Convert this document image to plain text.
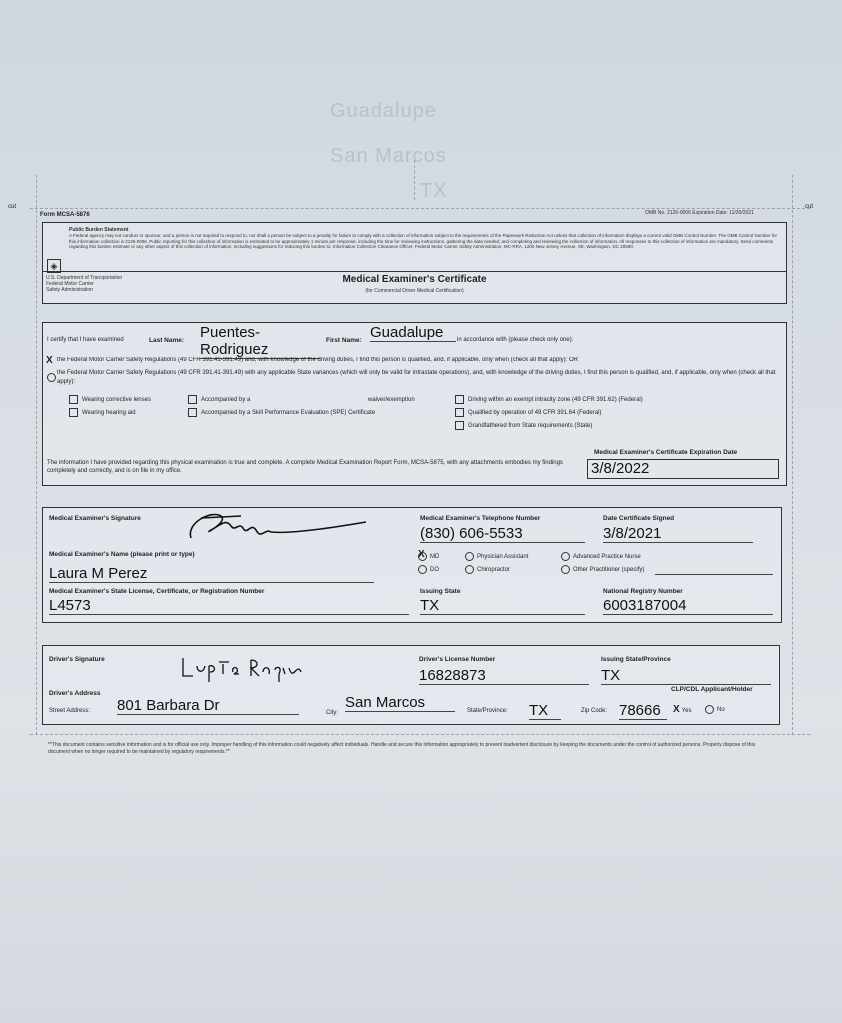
Guadalupe
San Marcos
TX
cut
cut
Form MCSA-5876	OMB No. 2126-0006 Expiration Date: 11/30/2021
Public Burden Statement
A Federal agency may not conduct or sponsor, and a person is not required to respond to, nor shall a person be subject to a penalty for failure to comply with a collection of information subject to the requirements of the Paperwork Reduction Act unless that collection of information displays a current valid OMB Control Number. The OMB Control Number for this information collection is 2126-0006. Public reporting for this collection of information is estimated to be approximately 1 minute per response, including the time for reviewing instructions, gathering the data needed, and completing and reviewing the collection of information. All responses to this collection of information are mandatory. Send comments regarding this burden estimate or any other aspect of this collection of information, including suggestions for reducing this burden to: Information Collection Clearance Officer, Federal Motor Carrier Safety Administration, MC-RRA, 1200 New Jersey Avenue, SE, Washington, DC 20590.
◈
U.S. Department of Transportation
Federal Motor Carrier
Safety Administration
Medical Examiner's Certificate
(for Commercial Driver Medical Certification)
I certify that I have examined	Last Name: Puentes-Rodriguez
First Name: Guadalupe	in accordance with (please check only one):
X the Federal Motor Carrier Safety Regulations (49 CFR 391.41-391.49) and, with knowledge of the driving duties, I find this person is qualified, and, if applicable, only when (check all that apply): OR
the Federal Motor Carrier Safety Regulations (49 CFR 391.41-391.49) with any applicable State variances (which will only be valid for intrastate operations), and, with knowledge of the driving duties, I find this person is qualified, and, if applicable, only when (check all that apply):
Wearing corrective lenses
Wearing hearing aid
Accompanied by a	waiver/exemption
Accompanied by a Skill Performance Evaluation (SPE) Certificate
Driving within an exempt intracity zone (49 CFR 391.62) (Federal)
Qualified by operation of 49 CFR 391.64 (Federal)
Grandfathered from State requirements (State)
The information I have provided regarding this physical examination is true and complete. A complete Medical Examination Report Form, MCSA-5875, with any attachments embodies my findings completely and correctly, and is on file in my office.
Medical Examiner's Certificate Expiration Date
3/8/2022
Medical Examiner's Signature	Medical Examiner's Telephone Number
(830) 606-5533
Date Certificate Signed
3/8/2021
Medical Examiner's Name (please print or type)
Laura M Perez
X MD	Physician Assistant	Advanced Practice Nurse
DO	Chiropractor	Other Practitioner (specify)
Medical Examiner's State License, Certificate, or Registration Number
L4573
Issuing State
TX
National Registry Number
6003187004
Driver's Signature	Driver's License Number
16828873
Issuing State/Province
TX
Driver's Address
Street Address: 801 Barbara Dr	City:
San Marcos	State/Province: TX	Zip Code: 78666
CLP/CDL Applicant/Holder
X Yes	No
**This document contains sensitive information and is for official use only. Improper handling of this information could negatively affect individuals. Handle and secure this information appropriately to prevent inadvertent disclosure by keeping the documents under the control of authorized persons. Properly dispose of this document when no longer required to be maintained by regulatory requirements.**
